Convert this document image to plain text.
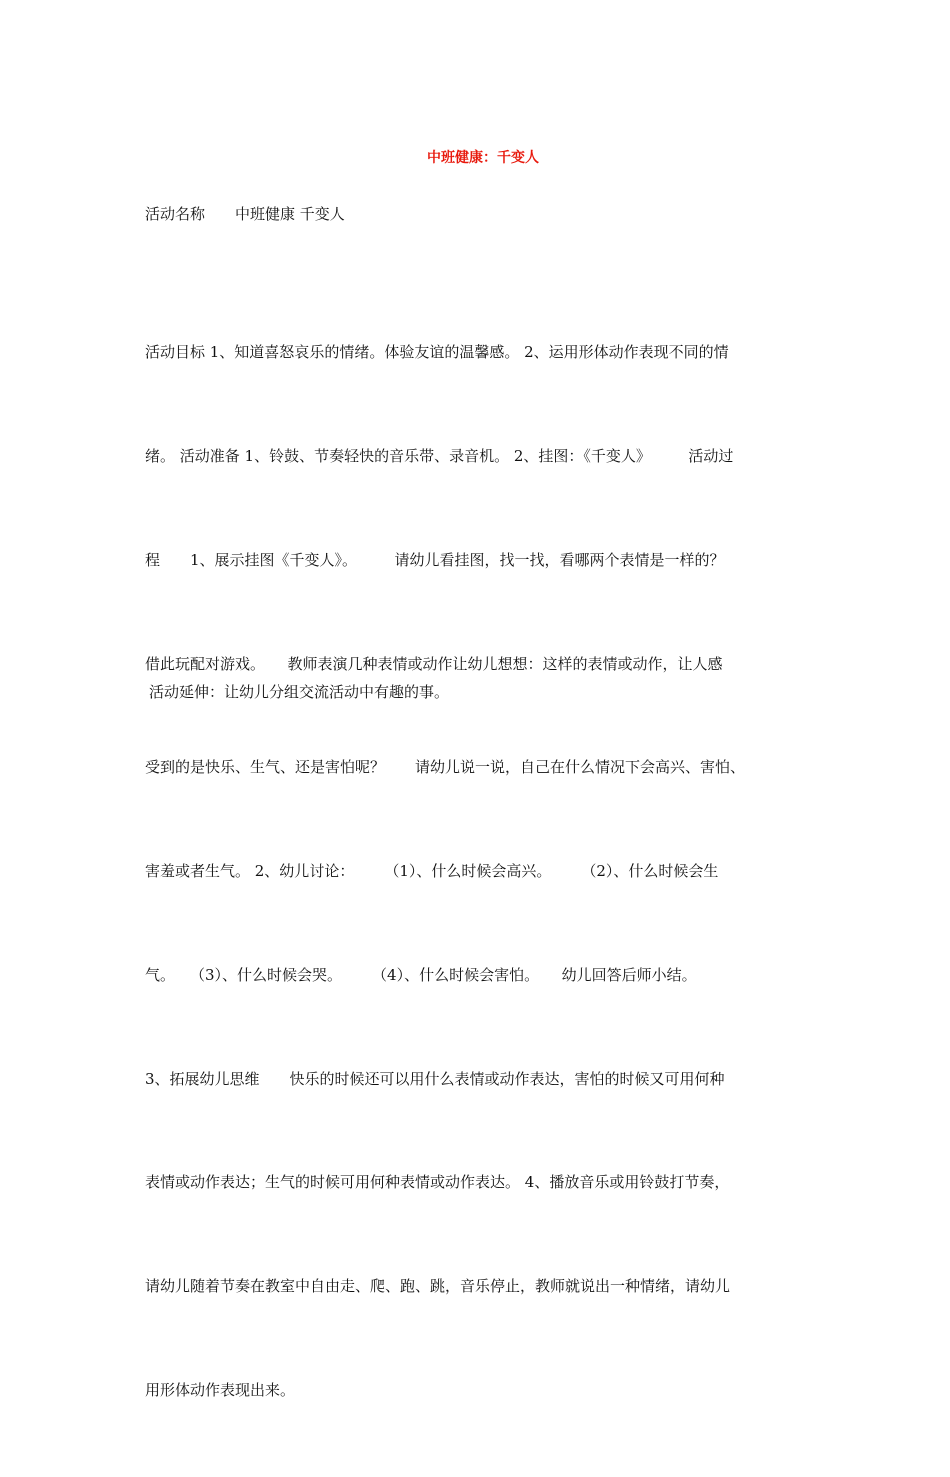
中班健康：千变人
活动名称　　中班健康 千变人

活动目标 1、知道喜怒哀乐的情绪。体验友谊的温馨感。 2、运用形体动作表现不同的情

绪。 活动准备 1、铃鼓、节奏轻快的音乐带、录音机。 2、挂图：《千变人》　　　活动过

程　　1、展示挂图《千变人》。　　　请幼儿看挂图，找一找，看哪两个表情是一样的？

借此玩配对游戏。　　教师表演几种表情或动作让幼儿想想：这样的表情或动作，让人感

受到的是快乐、生气、还是害怕呢？　　请幼儿说一说，自己在什么情况下会高兴、害怕、

害羞或者生气。 2、幼儿讨论：　　　（1）、什么时候会高兴。　　　（2）、什么时候会生

气。　　（3）、什么时候会哭。　　　（4）、什么时候会害怕。　　幼儿回答后师小结。

3、拓展幼儿思维　　快乐的时候还可以用什么表情或动作表达，害怕的时候又可用何种

表情或动作表达；生气的时候可用何种表情或动作表达。 4、播放音乐或用铃鼓打节奏，

请幼儿随着节奏在教室中自由走、爬、跑、跳，音乐停止，教师就说出一种情绪，请幼儿

用形体动作表现出来。

活动延伸：让幼儿分组交流活动中有趣的事。
